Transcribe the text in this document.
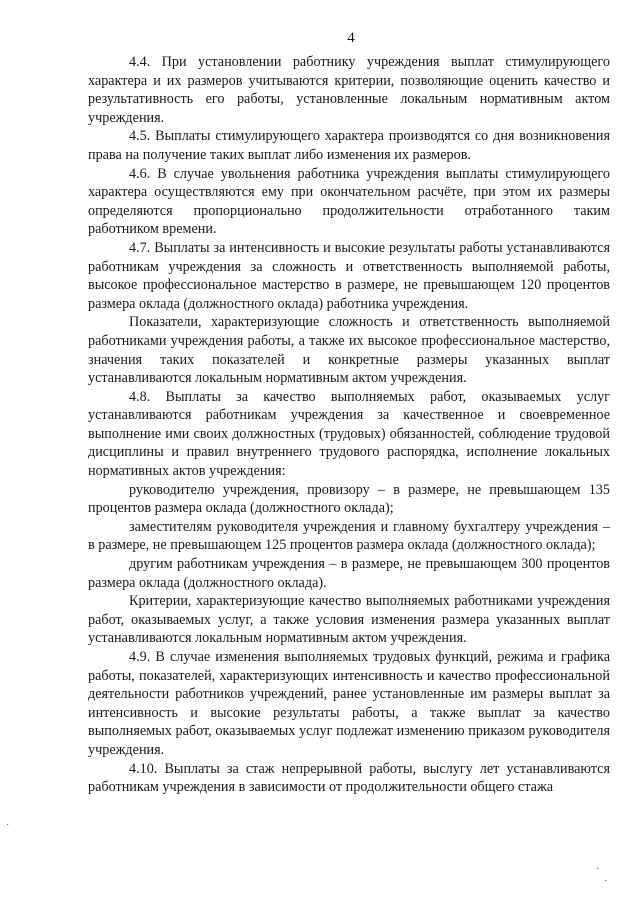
4

4.4. При установлении работнику учреждения выплат стимулирующего характера и их размеров учитываются критерии, позволяющие оценить качество и результативность его работы, установленные локальным нормативным актом учреждения.

4.5. Выплаты стимулирующего характера производятся со дня возникновения права на получение таких выплат либо изменения их размеров.

4.6. В случае увольнения работника учреждения выплаты стимулирующего характера осуществляются ему при окончательном расчёте, при этом их размеры определяются пропорционально продолжительности отработанного таким работником времени.

4.7. Выплаты за интенсивность и высокие результаты работы устанавливаются работникам учреждения за сложность и ответственность выполняемой работы, высокое профессиональное мастерство в размере, не превышающем 120 процентов размера оклада (должностного оклада) работника учреждения.

Показатели, характеризующие сложность и ответственность выполняемой работниками учреждения работы, а также их высокое профессиональное мастерство, значения таких показателей и конкретные размеры указанных выплат устанавливаются локальным нормативным актом учреждения.

4.8. Выплаты за качество выполняемых работ, оказываемых услуг устанавливаются работникам учреждения за качественное и своевременное выполнение ими своих должностных (трудовых) обязанностей, соблюдение трудовой дисциплины и правил внутреннего трудового распорядка, исполнение локальных нормативных актов учреждения:

руководителю учреждения, провизору – в размере, не превышающем 135 процентов размера оклада (должностного оклада);

заместителям руководителя учреждения и главному бухгалтеру учреждения – в размере, не превышающем 125 процентов размера оклада (должностного оклада);

другим работникам учреждения – в размере, не превышающем 300 процентов размера оклада (должностного оклада).

Критерии, характеризующие качество выполняемых работниками учреждения работ, оказываемых услуг, а также условия изменения размера указанных выплат устанавливаются локальным нормативным актом учреждения.

4.9. В случае изменения выполняемых трудовых функций, режима и графика работы, показателей, характеризующих интенсивность и качество профессиональной деятельности работников учреждений, ранее установленные им размеры выплат за интенсивность и высокие результаты работы, а также выплат за качество выполняемых работ, оказываемых услуг подлежат изменению приказом руководителя учреждения.

4.10. Выплаты за стаж непрерывной работы, выслугу лет устанавливаются работникам учреждения в зависимости от продолжительности общего стажа

·
·
·
